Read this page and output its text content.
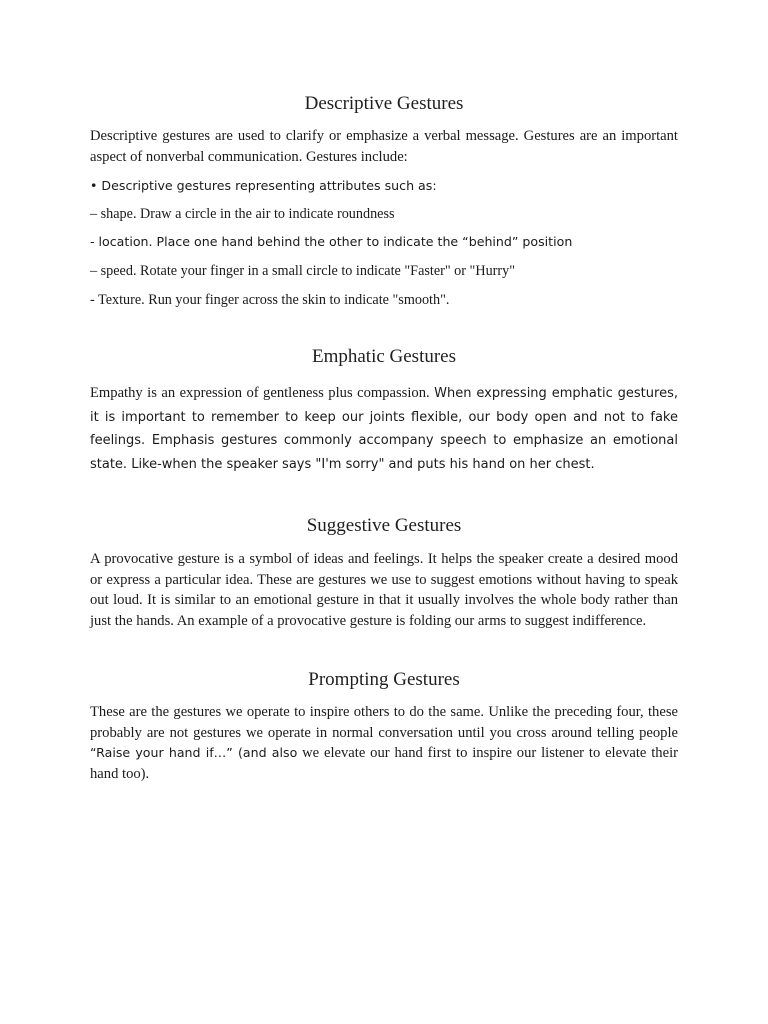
Descriptive Gestures

Descriptive gestures are used to clarify or emphasize a verbal message. Gestures are an important aspect of nonverbal communication. Gestures include:

• Descriptive gestures representing attributes such as:

– shape. Draw a circle in the air to indicate roundness

- location. Place one hand behind the other to indicate the “behind” position

– speed. Rotate your finger in a small circle to indicate "Faster" or "Hurry"

- Texture. Run your finger across the skin to indicate "smooth".

Emphatic Gestures

Empathy is an expression of gentleness plus compassion. When expressing emphatic gestures, it is important to remember to keep our joints flexible, our body open and not to fake feelings. Emphasis gestures commonly accompany speech to emphasize an emotional state. Like-when the speaker says "I'm sorry" and puts his hand on her chest.

Suggestive Gestures

A provocative gesture is a symbol of ideas and feelings. It helps the speaker create a desired mood or express a particular idea. These are gestures we use to suggest emotions without having to speak out loud. It is similar to an emotional gesture in that it usually involves the whole body rather than just the hands. An example of a provocative gesture is folding our arms to suggest indifference.

Prompting Gestures

These are the gestures we operate to inspire others to do the same. Unlike the preceding four, these probably are not gestures we operate in normal conversation until you cross around telling people “Raise your hand if…” (and also we elevate our hand first to inspire our listener to elevate their hand too).
